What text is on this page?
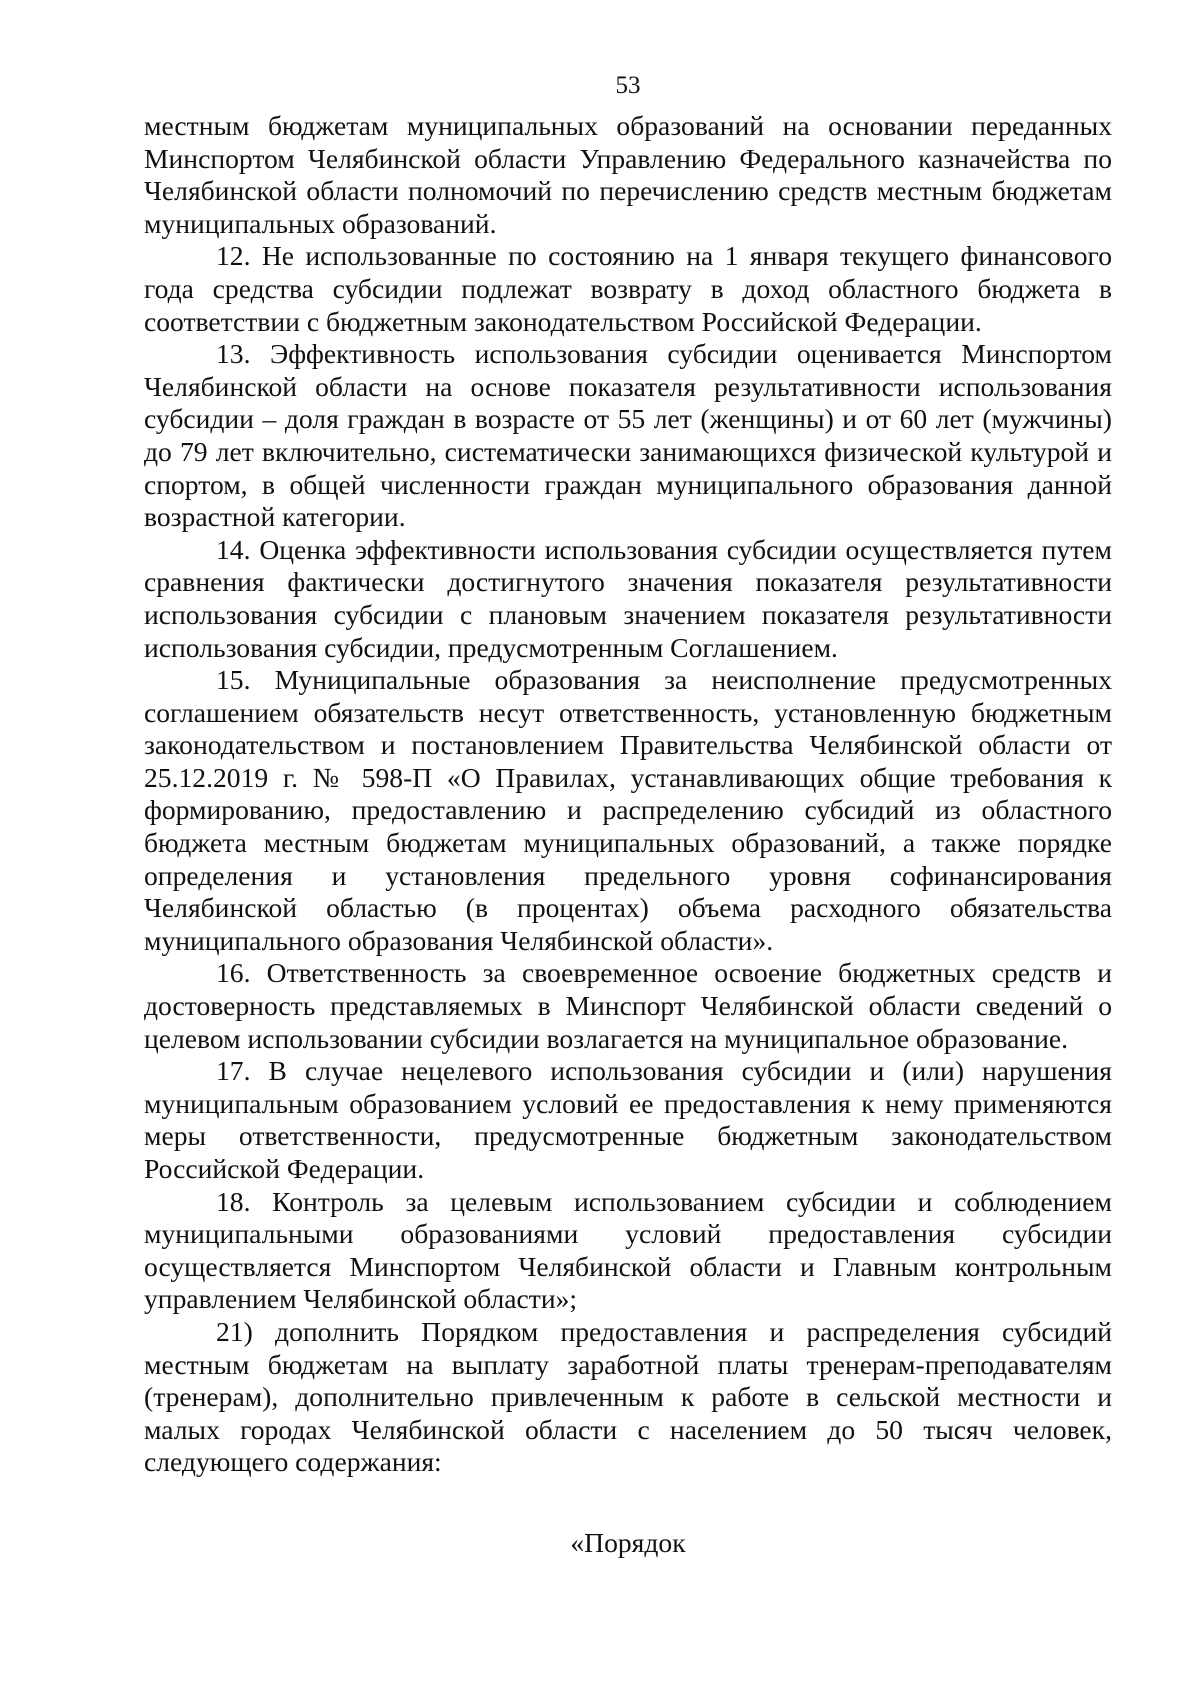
53

местным бюджетам муниципальных образований на основании переданных Минспортом Челябинской области Управлению Федерального казначейства по Челябинской области полномочий по перечислению средств местным бюджетам муниципальных образований.

12. Не использованные по состоянию на 1 января текущего финансового года средства субсидии подлежат возврату в доход областного бюджета в соответствии с бюджетным законодательством Российской Федерации.

13. Эффективность использования субсидии оценивается Минспортом Челябинской области на основе показателя результативности использования субсидии – доля граждан в возрасте от 55 лет (женщины) и от 60 лет (мужчины) до 79 лет включительно, систематически занимающихся физической культурой и спортом, в общей численности граждан муниципального образования данной возрастной категории.

14. Оценка эффективности использования субсидии осуществляется путем сравнения фактически достигнутого значения показателя результативности использования субсидии с плановым значением показателя результативности использования субсидии, предусмотренным Соглашением.

15. Муниципальные образования за неисполнение предусмотренных соглашением обязательств несут ответственность, установленную бюджетным законодательством и постановлением Правительства Челябинской области от 25.12.2019 г. № 598-П «О Правилах, устанавливающих общие требования к формированию, предоставлению и распределению субсидий из областного бюджета местным бюджетам муниципальных образований, а также порядке определения и установления предельного уровня софинансирования Челябинской областью (в процентах) объема расходного обязательства муниципального образования Челябинской области».

16. Ответственность за своевременное освоение бюджетных средств и достоверность представляемых в Минспорт Челябинской области сведений о целевом использовании субсидии возлагается на муниципальное образование.

17. В случае нецелевого использования субсидии и (или) нарушения муниципальным образованием условий ее предоставления к нему применяются меры ответственности, предусмотренные бюджетным законодательством Российской Федерации.

18. Контроль за целевым использованием субсидии и соблюдением муниципальными образованиями условий предоставления субсидии осуществляется Минспортом Челябинской области и Главным контрольным управлением Челябинской области»;

21) дополнить Порядком предоставления и распределения субсидий местным бюджетам на выплату заработной платы тренерам-преподавателям (тренерам), дополнительно привлеченным к работе в сельской местности и малых городах Челябинской области с населением до 50 тысяч человек, следующего содержания:

«Порядок
